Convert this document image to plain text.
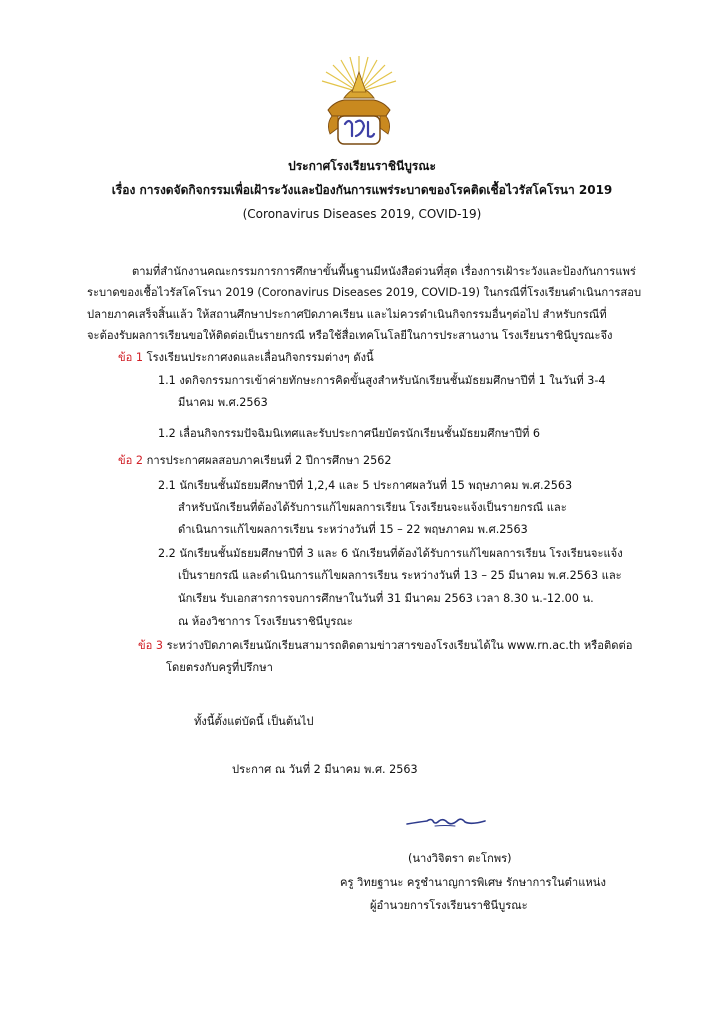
ประกาศโรงเรียนราชินีบูรณะ
เรื่อง การงดจัดกิจกรรมเพื่อเฝ้าระวังและป้องกันการแพร่ระบาดของโรคติดเชื้อไวรัสโคโรนา 2019
(Coronavirus Diseases 2019, COVID-19)
ตามที่สำนักงานคณะกรรมการการศึกษาขั้นพื้นฐานมีหนังสือด่วนที่สุด เรื่องการเฝ้าระวังและป้องกันการแพร่
ระบาดของเชื้อไวรัสโคโรนา 2019 (Coronavirus Diseases 2019, COVID-19) ในกรณีที่โรงเรียนดำเนินการสอบ
ปลายภาคเสร็จสิ้นแล้ว ให้สถานศึกษาประกาศปิดภาคเรียน และไม่ควรดำเนินกิจกรรมอื่นๆต่อไป สำหรับกรณีที่
จะต้องรับผลการเรียนขอให้ติดต่อเป็นรายกรณี หรือใช้สื่อเทคโนโลยีในการประสานงาน โรงเรียนราชินีบูรณะจึง
ข้อ 1 โรงเรียนประกาศงดและเลื่อนกิจกรรมต่างๆ ดังนี้
1.1 งดกิจกรรมการเข้าค่ายทักษะการคิดขั้นสูงสำหรับนักเรียนชั้นมัธยมศึกษาปีที่ 1 ในวันที่ 3-4
มีนาคม พ.ศ.2563
1.2 เลื่อนกิจกรรมปัจฉิมนิเทศและรับประกาศนียบัตรนักเรียนชั้นมัธยมศึกษาปีที่ 6
ข้อ 2 การประกาศผลสอบภาคเรียนที่ 2 ปีการศึกษา 2562
2.1 นักเรียนชั้นมัธยมศึกษาปีที่ 1,2,4 และ 5 ประกาศผลวันที่ 15 พฤษภาคม พ.ศ.2563
สำหรับนักเรียนที่ต้องได้รับการแก้ไขผลการเรียน โรงเรียนจะแจ้งเป็นรายกรณี และ
ดำเนินการแก้ไขผลการเรียน ระหว่างวันที่ 15 – 22 พฤษภาคม พ.ศ.2563
2.2 นักเรียนชั้นมัธยมศึกษาปีที่ 3 และ 6 นักเรียนที่ต้องได้รับการแก้ไขผลการเรียน โรงเรียนจะแจ้ง
เป็นรายกรณี และดำเนินการแก้ไขผลการเรียน ระหว่างวันที่ 13 – 25 มีนาคม พ.ศ.2563 และ
นักเรียน รับเอกสารการจบการศึกษาในวันที่ 31 มีนาคม 2563 เวลา 8.30 น.-12.00 น.
ณ ห้องวิชาการ โรงเรียนราชินีบูรณะ
ข้อ 3 ระหว่างปิดภาคเรียนนักเรียนสามารถติดตามข่าวสารของโรงเรียนได้ใน www.rn.ac.th หรือติดต่อ
โดยตรงกับครูที่ปรึกษา
ทั้งนี้ตั้งแต่บัดนี้ เป็นต้นไป
ประกาศ ณ วันที่ 2 มีนาคม พ.ศ. 2563
(นางวิจิตรา ตะโกพร)
ครู วิทยฐานะ ครูชำนาญการพิเศษ รักษาการในตำแหน่ง
ผู้อำนวยการโรงเรียนราชินีบูรณะ
